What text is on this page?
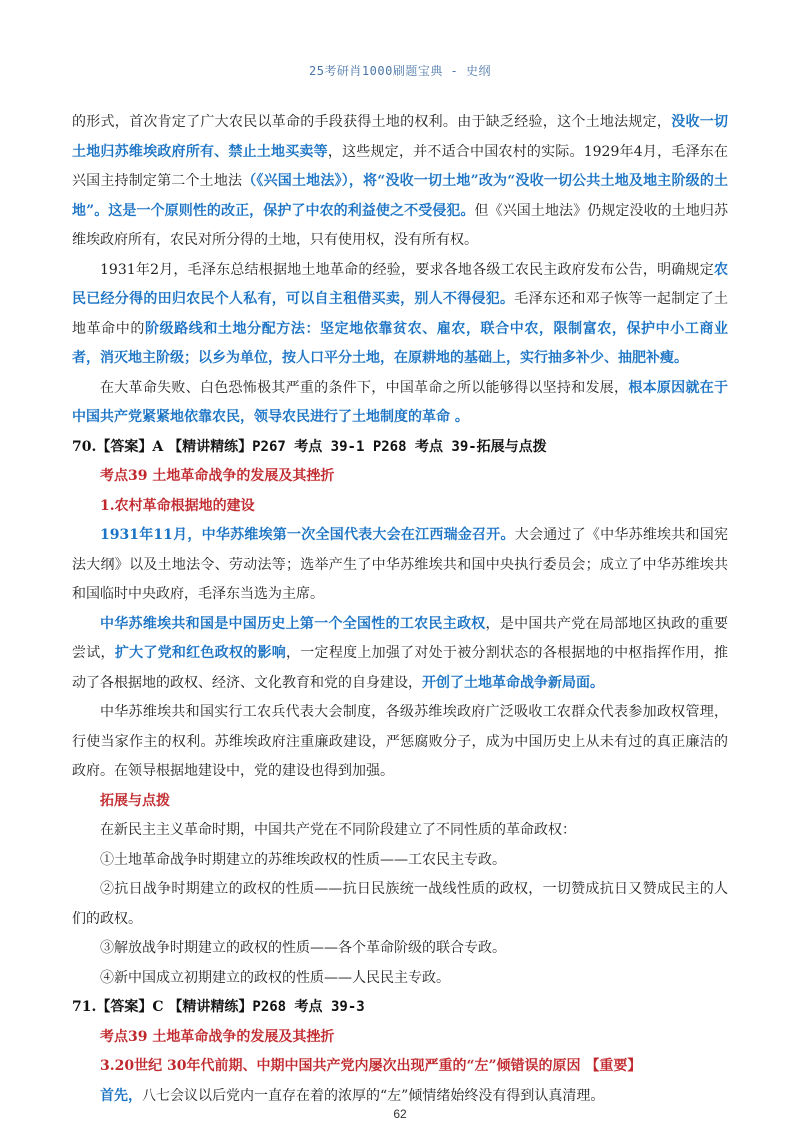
25考研肖1000刷题宝典 - 史纲

的形式，首次肯定了广大农民以革命的手段获得土地的权利。由于缺乏经验，这个土地法规定，没收一切土地归苏维埃政府所有、禁止土地买卖等，这些规定，并不适合中国农村的实际。1929年4月，毛泽东在兴国主持制定第二个土地法（《兴国土地法》），将“没收一切土地”改为“没收一切公共土地及地主阶级的土地”。这是一个原则性的改正，保护了中农的利益使之不受侵犯。但《兴国土地法》仍规定没收的土地归苏维埃政府所有，农民对所分得的土地，只有使用权，没有所有权。

1931年2月，毛泽东总结根据地土地革命的经验，要求各地各级工农民主政府发布公告，明确规定农民已经分得的田归农民个人私有，可以自主租借买卖，别人不得侵犯。毛泽东还和邓子恢等一起制定了土地革命中的阶级路线和土地分配方法：坚定地依靠贫农、雇农，联合中农，限制富农，保护中小工商业者，消灭地主阶级；以乡为单位，按人口平分土地，在原耕地的基础上，实行抽多补少、抽肥补瘦。

在大革命失败、白色恐怖极其严重的条件下，中国革命之所以能够得以坚持和发展，根本原因就在于中国共产党紧紧地依靠农民，领导农民进行了土地制度的革命 。

70.【答案】A 【精讲精练】P267 考点 39-1 P268 考点 39-拓展与点拨

考点39 土地革命战争的发展及其挫折

1.农村革命根据地的建设

1931年11月，中华苏维埃第一次全国代表大会在江西瑞金召开。大会通过了《中华苏维埃共和国宪法大纲》以及土地法令、劳动法等；选举产生了中华苏维埃共和国中央执行委员会；成立了中华苏维埃共和国临时中央政府，毛泽东当选为主席。

中华苏维埃共和国是中国历史上第一个全国性的工农民主政权，是中国共产党在局部地区执政的重要尝试，扩大了党和红色政权的影响，一定程度上加强了对处于被分割状态的各根据地的中枢指挥作用，推动了各根据地的政权、经济、文化教育和党的自身建设，开创了土地革命战争新局面。

中华苏维埃共和国实行工农兵代表大会制度，各级苏维埃政府广泛吸收工农群众代表参加政权管理，行使当家作主的权利。苏维埃政府注重廉政建设，严惩腐败分子，成为中国历史上从未有过的真正廉洁的政府。在领导根据地建设中，党的建设也得到加强。

拓展与点拨

在新民主主义革命时期，中国共产党在不同阶段建立了不同性质的革命政权：

①土地革命战争时期建立的苏维埃政权的性质——工农民主专政。

②抗日战争时期建立的政权的性质——抗日民族统一战线性质的政权，一切赞成抗日又赞成民主的人们的政权。

③解放战争时期建立的政权的性质——各个革命阶级的联合专政。

④新中国成立初期建立的政权的性质——人民民主专政。

71.【答案】C 【精讲精练】P268 考点 39-3

考点39 土地革命战争的发展及其挫折

3.20世纪 30年代前期、中期中国共产党内屡次出现严重的“左”倾错误的原因 【重要】

首先，八七会议以后党内一直存在着的浓厚的“左”倾情绪始终没有得到认真清理。

62
